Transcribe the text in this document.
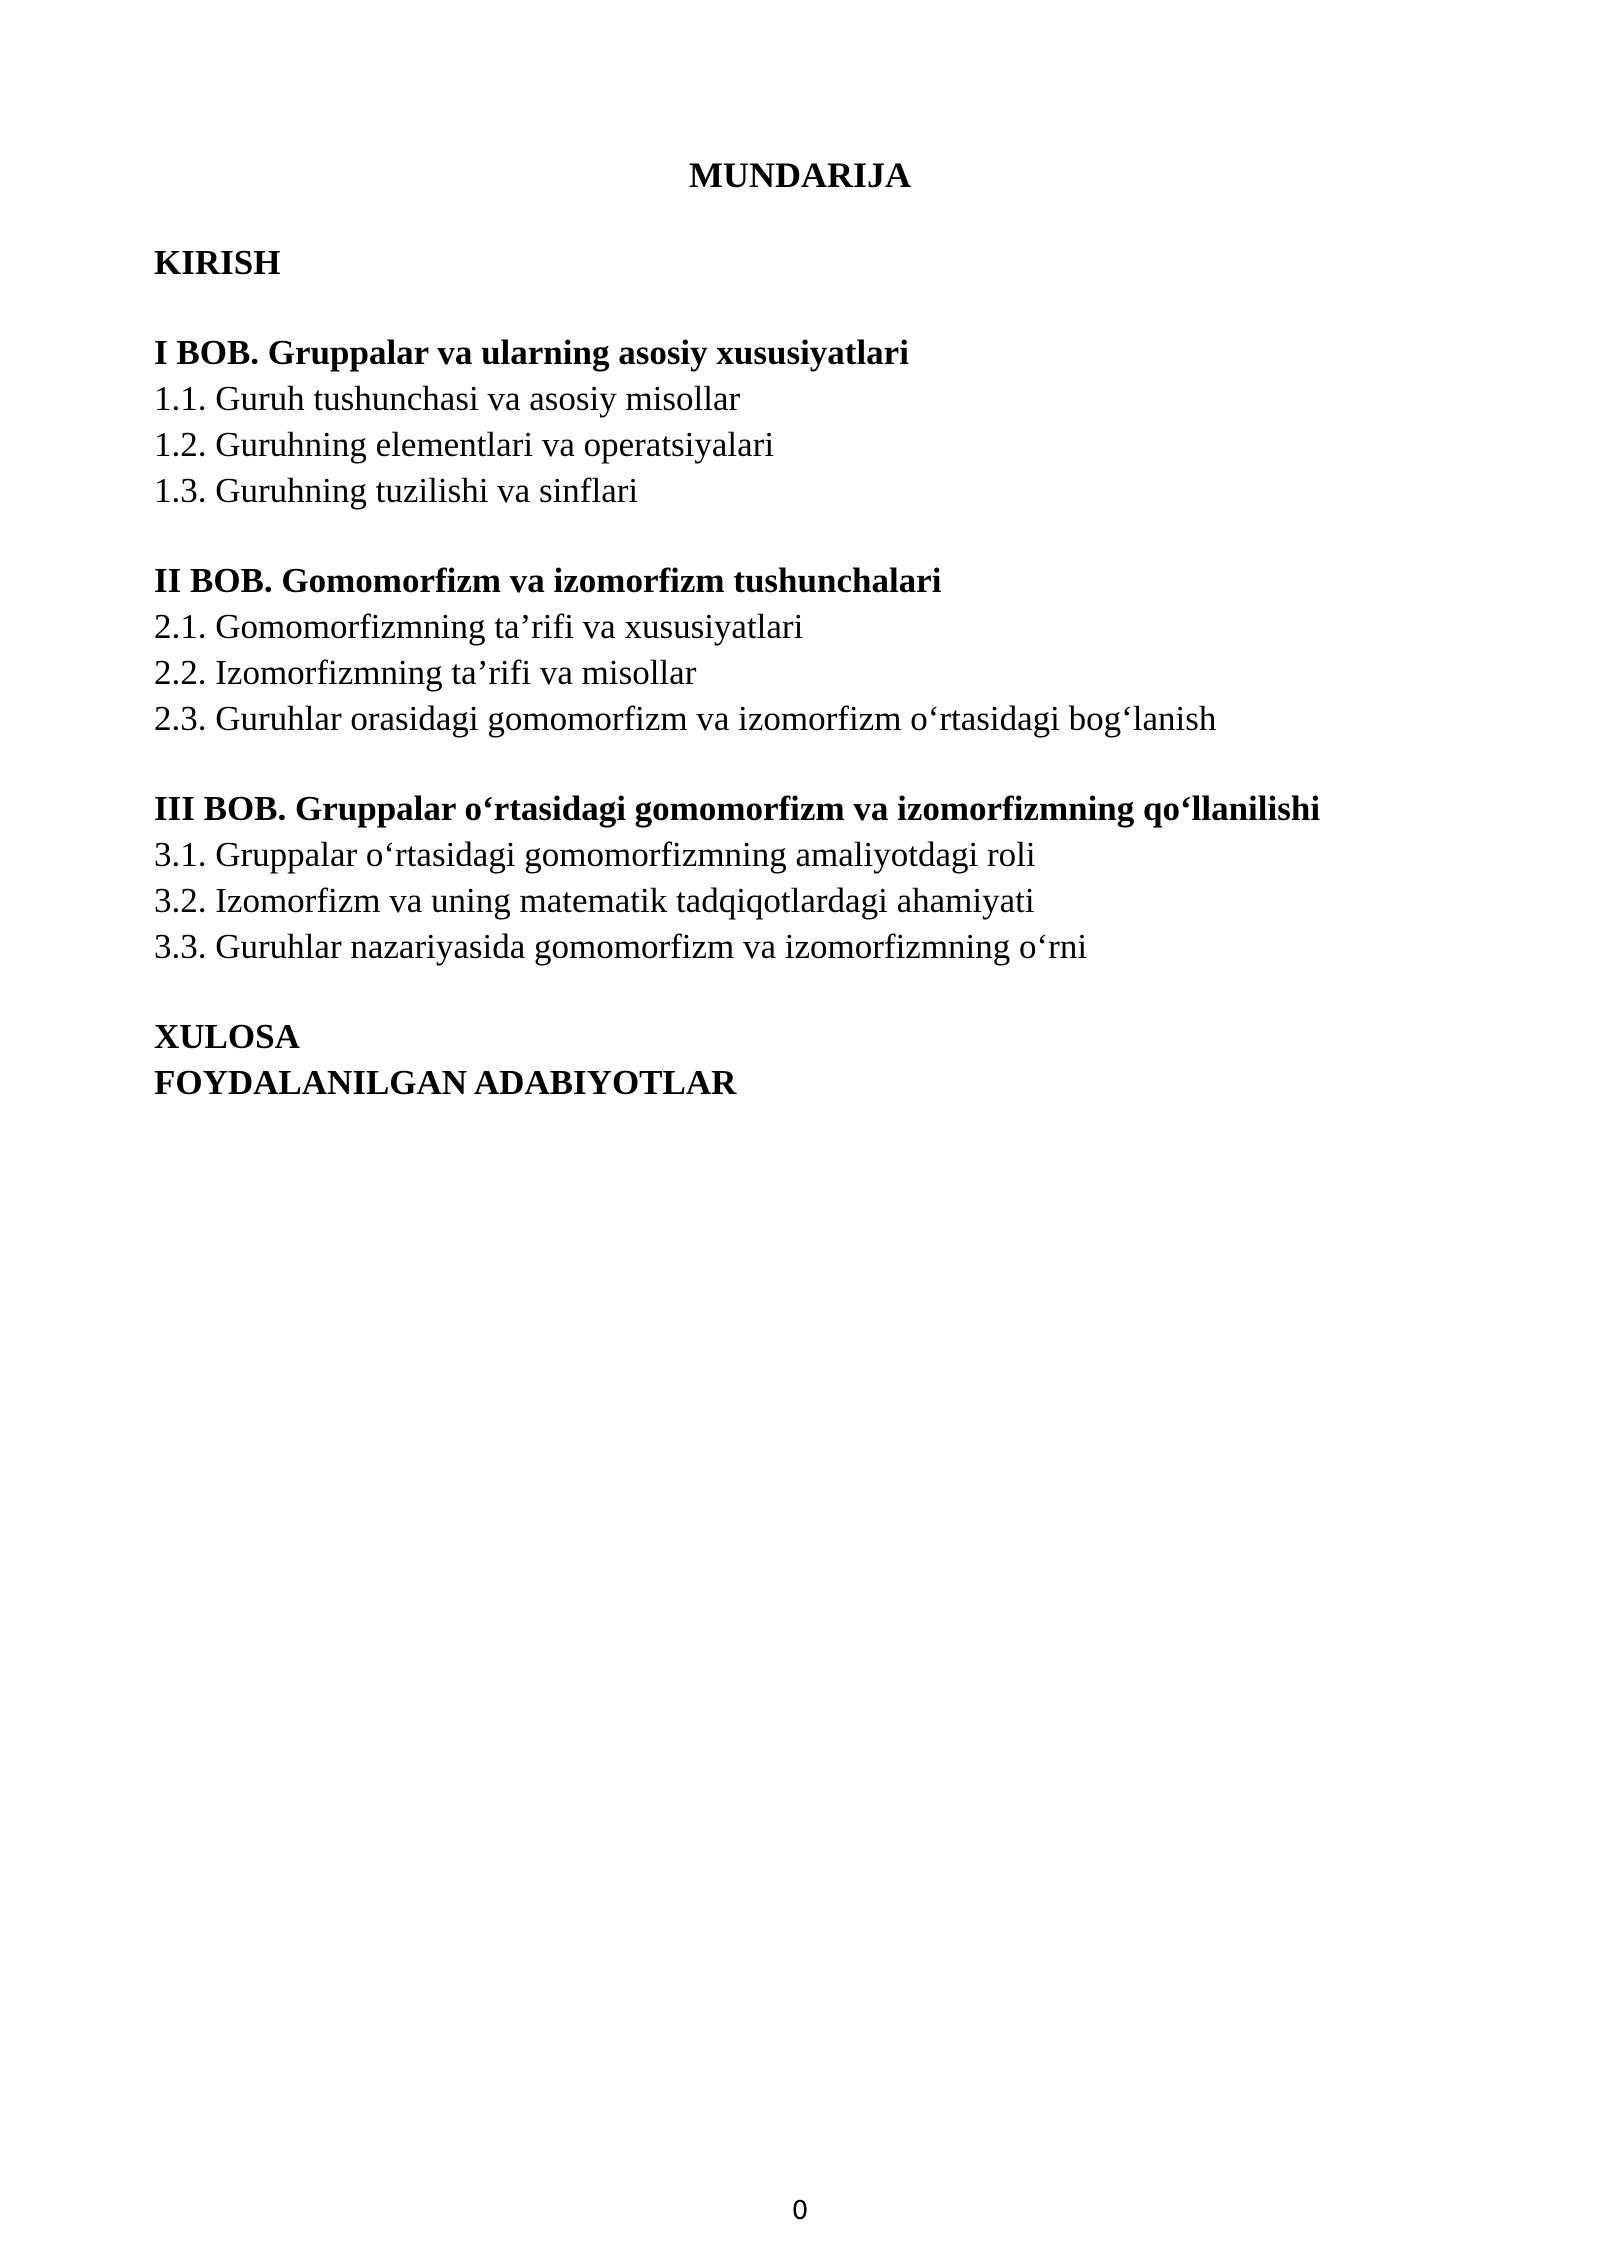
MUNDARIJA
KIRISH
I BOB. Gruppalar va ularning asosiy xususiyatlari
1.1. Guruh tushunchasi va asosiy misollar
1.2. Guruhning elementlari va operatsiyalari
1.3. Guruhning tuzilishi va sinflari
II BOB. Gomomorfizm va izomorfizm tushunchalari
2.1. Gomomorfizmning ta’rifi va xususiyatlari
2.2. Izomorfizmning ta’rifi va misollar
2.3. Guruhlar orasidagi gomomorfizm va izomorfizm o‘rtasidagi bog‘lanish
III BOB. Gruppalar o‘rtasidagi gomomorfizm va izomorfizmning qo‘llanilishi
3.1. Gruppalar o‘rtasidagi gomomorfizmning amaliyotdagi roli
3.2. Izomorfizm va uning matematik tadqiqotlardagi ahamiyati
3.3. Guruhlar nazariyasida gomomorfizm va izomorfizmning o‘rni
XULOSA
FOYDALANILGAN ADABIYOTLAR
0
